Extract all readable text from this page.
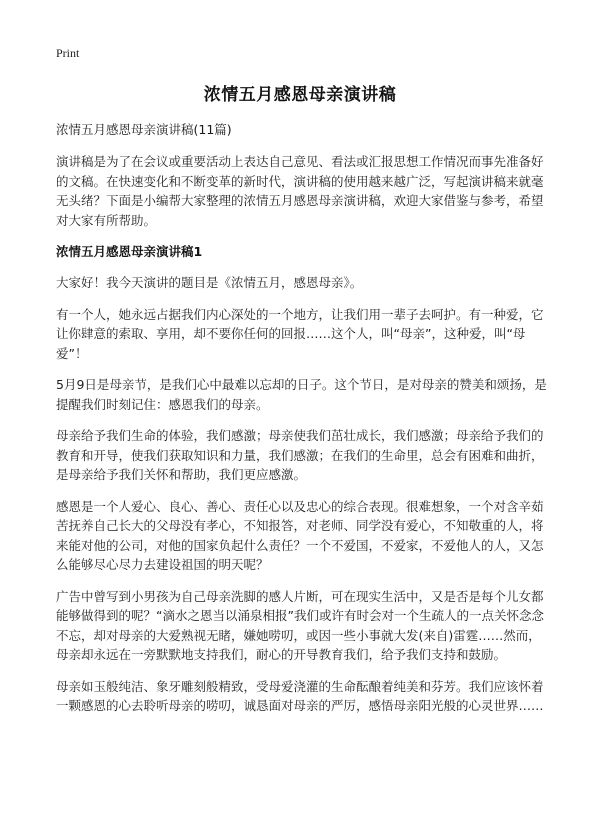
Print
浓情五月感恩母亲演讲稿
浓情五月感恩母亲演讲稿(11篇)

演讲稿是为了在会议或重要活动上表达自己意见、看法或汇报思想工作情况而事先准备好的文稿。在快速变化和不断变革的新时代，演讲稿的使用越来越广泛，写起演讲稿来就毫无头绪？下面是小编帮大家整理的浓情五月感恩母亲演讲稿，欢迎大家借鉴与参考，希望对大家有所帮助。

浓情五月感恩母亲演讲稿1

大家好！我今天演讲的题目是《浓情五月，感恩母亲》。

有一个人，她永远占据我们内心深处的一个地方，让我们用一辈子去呵护。有一种爱，它让你肆意的索取、享用，却不要你任何的回报……这个人，叫“母亲”，这种爱，叫“母爱”！

5月9日是母亲节，是我们心中最难以忘却的日子。这个节日，是对母亲的赞美和颂扬，是提醒我们时刻记住：感恩我们的母亲。

母亲给予我们生命的体验，我们感激；母亲使我们茁壮成长，我们感激；母亲给予我们的教育和开导，使我们获取知识和力量，我们感激；在我们的生命里，总会有困难和曲折，是母亲给予我们关怀和帮助，我们更应感激。

感恩是一个人爱心、良心、善心、责任心以及忠心的综合表现。很难想象，一个对含辛茹苦抚养自己长大的父母没有孝心，不知报答，对老师、同学没有爱心，不知敬重的人，将来能对他的公司，对他的国家负起什么责任？一个不爱国，不爱家，不爱他人的人，又怎么能够尽心尽力去建设祖国的明天呢？

广告中曾写到小男孩为自己母亲洗脚的感人片断，可在现实生活中，又是否是每个儿女都能够做得到的呢？“滴水之恩当以涌泉相报”我们或许有时会对一个生疏人的一点关怀念念不忘，却对母亲的大爱熟视无睹，嫌她唠叨，或因一些小事就大发(来自)雷霆……然而，母亲却永远在一旁默默地支持我们，耐心的开导教育我们，给予我们支持和鼓励。

母亲如玉般纯洁、象牙雕刻般精致，受母爱浇灌的生命酝酿着纯美和芬芳。我们应该怀着一颗感恩的心去聆听母亲的唠叨，诚恳面对母亲的严厉，感悟母亲阳光般的心灵世界……
